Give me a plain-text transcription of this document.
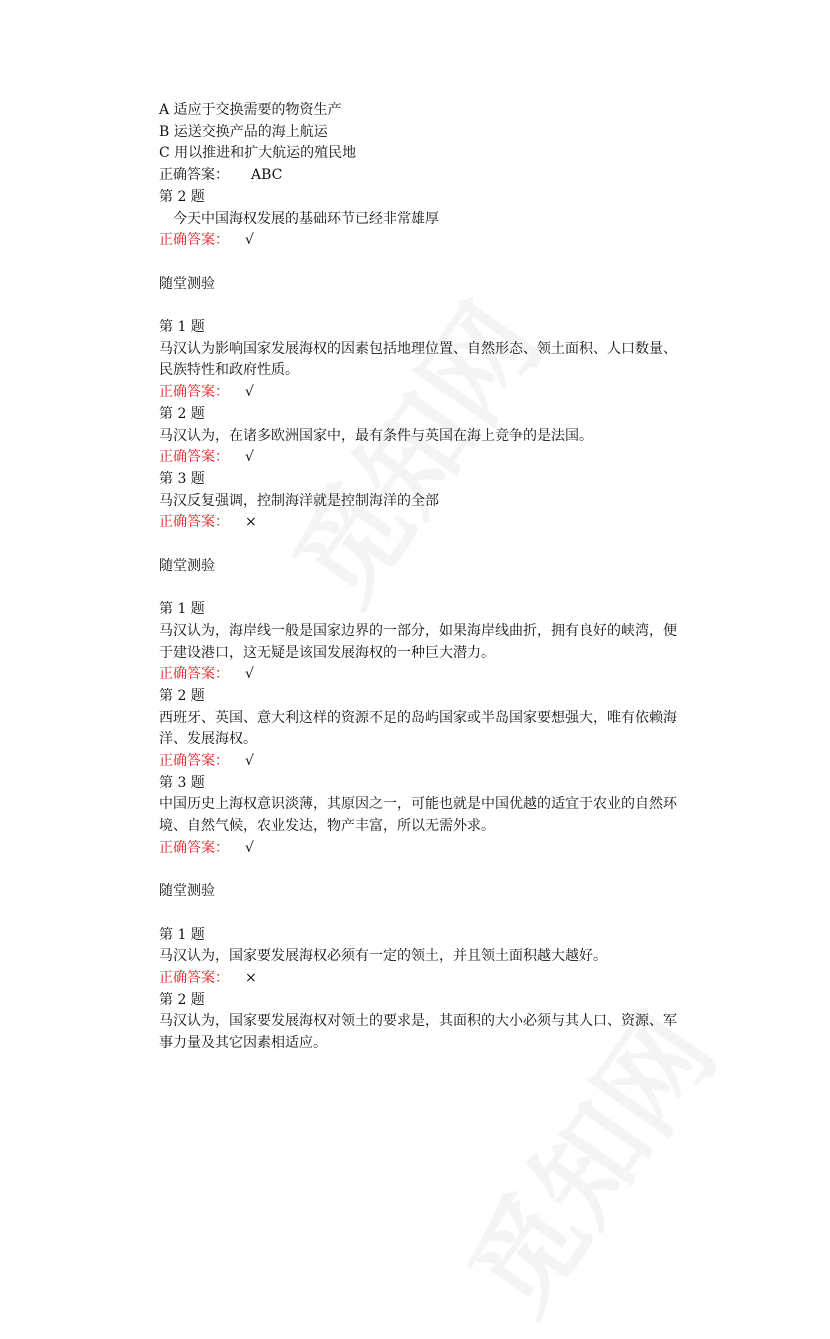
A 适应于交换需要的物资生产
B 运送交换产品的海上航运
C 用以推进和扩大航运的殖民地
正确答案： ABC
第 2 题
今天中国海权发展的基础环节已经非常雄厚
正确答案： √
随堂测验
第 1 题
马汉认为影响国家发展海权的因素包括地理位置、自然形态、领土面积、人口数量、民族特性和政府性质。
正确答案： √
第 2 题
马汉认为，在诸多欧洲国家中，最有条件与英国在海上竞争的是法国。
正确答案： √
第 3 题
马汉反复强调，控制海洋就是控制海洋的全部
正确答案： ×
随堂测验
第 1 题
马汉认为，海岸线一般是国家边界的一部分，如果海岸线曲折，拥有良好的峡湾，便于建设港口，这无疑是该国发展海权的一种巨大潜力。
正确答案： √
第 2 题
西班牙、英国、意大利这样的资源不足的岛屿国家或半岛国家要想强大，唯有依赖海洋、发展海权。
正确答案： √
第 3 题
中国历史上海权意识淡薄，其原因之一，可能也就是中国优越的适宜于农业的自然环境、自然气候，农业发达，物产丰富，所以无需外求。
正确答案： √
随堂测验
第 1 题
马汉认为，国家要发展海权必须有一定的领土，并且领土面积越大越好。
正确答案： ×
第 2 题
马汉认为，国家要发展海权对领土的要求是，其面积的大小必须与其人口、资源、军事力量及其它因素相适应。
